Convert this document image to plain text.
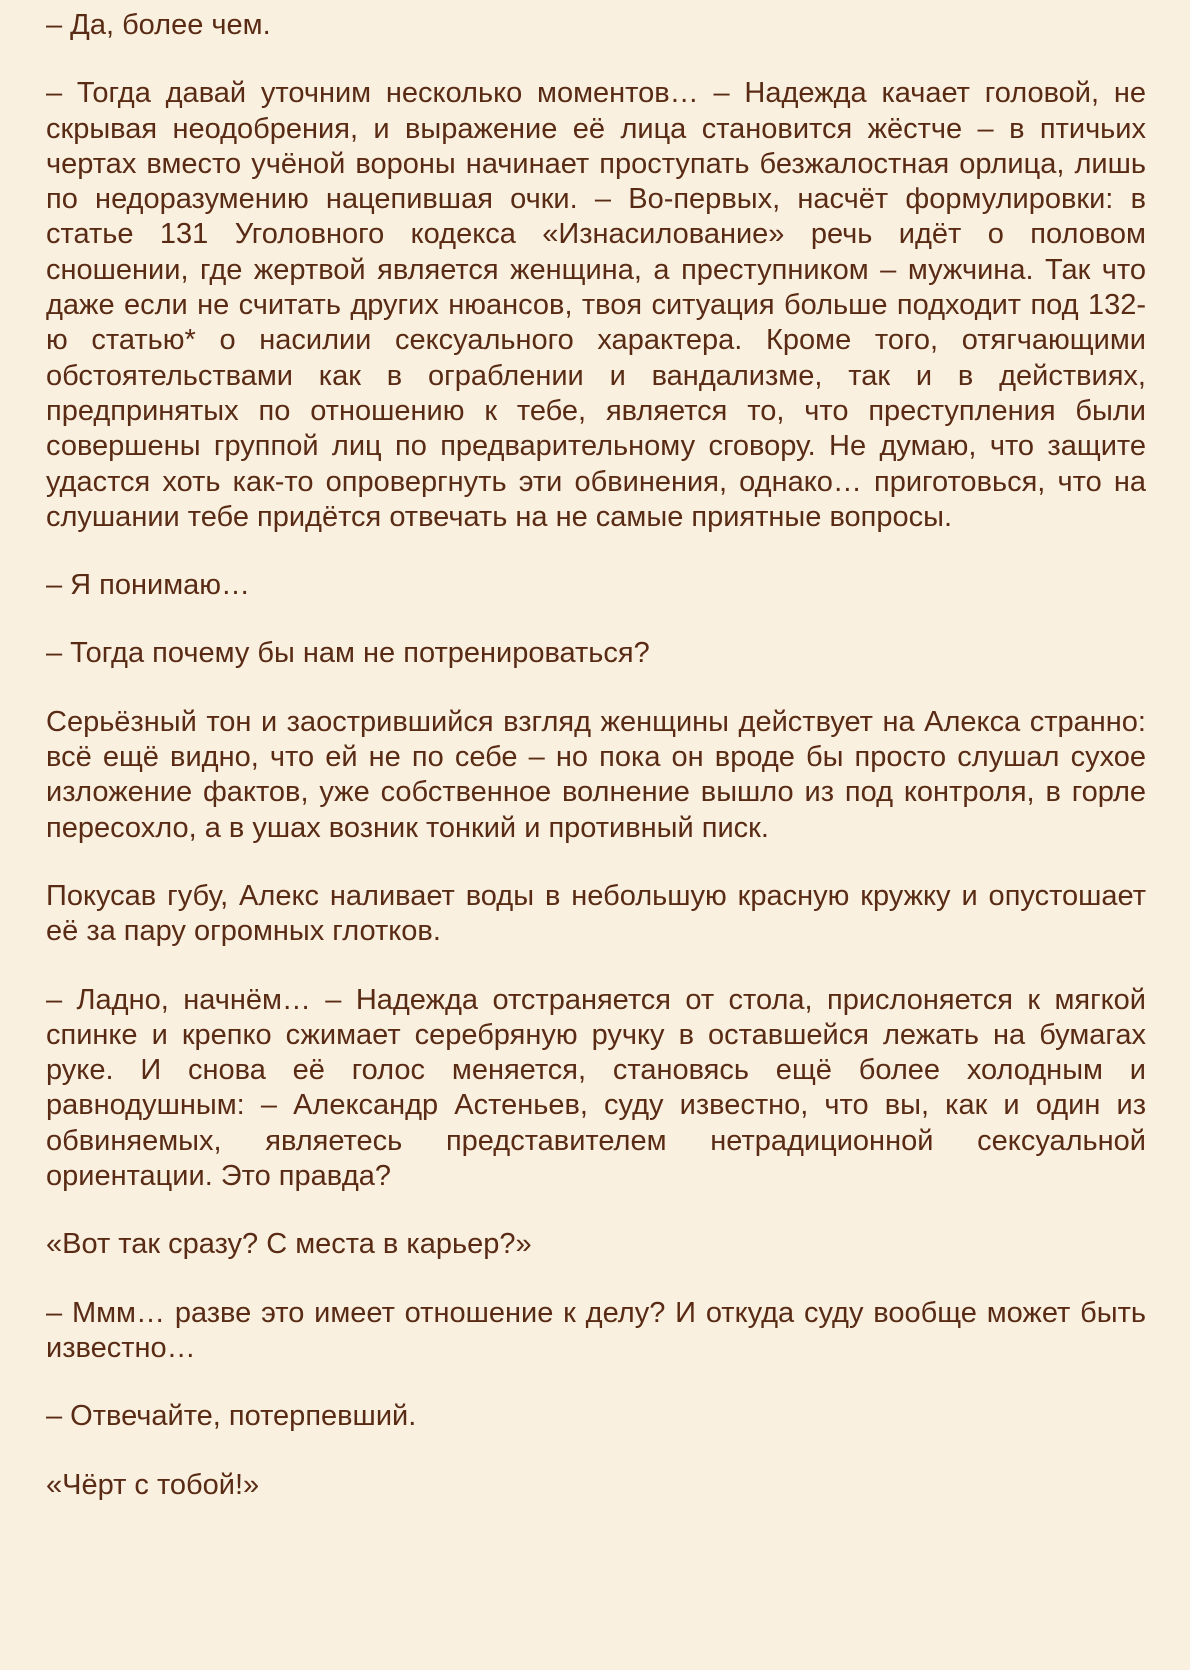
– Да, более чем.

– Тогда давай уточним несколько моментов… – Надежда качает головой, не скрывая неодобрения, и выражение её лица становится жёстче – в птичьих чертах вместо учёной вороны начинает проступать безжалостная орлица, лишь по недоразумению нацепившая очки. – Во-первых, насчёт формулировки: в статье 131 Уголовного кодекса «Изнасилование» речь идёт о половом сношении, где жертвой является женщина, а преступником – мужчина. Так что даже если не считать других нюансов, твоя ситуация больше подходит под 132-ю статью* о насилии сексуального характера. Кроме того, отягчающими обстоятельствами как в ограблении и вандализме, так и в действиях, предпринятых по отношению к тебе, является то, что преступления были совершены группой лиц по предварительному сговору. Не думаю, что защите удастся хоть как-то опровергнуть эти обвинения, однако… приготовься, что на слушании тебе придётся отвечать на не самые приятные вопросы.

– Я понимаю…

– Тогда почему бы нам не потренироваться?

Серьёзный тон и заострившийся взгляд женщины действует на Алекса странно: всё ещё видно, что ей не по себе – но пока он вроде бы просто слушал сухое изложение фактов, уже собственное волнение вышло из под контроля, в горле пересохло, а в ушах возник тонкий и противный писк.

Покусав губу, Алекс наливает воды в небольшую красную кружку и опустошает её за пару огромных глотков.

– Ладно, начнём… – Надежда отстраняется от стола, прислоняется к мягкой спинке и крепко сжимает серебряную ручку в оставшейся лежать на бумагах руке. И снова её голос меняется, становясь ещё более холодным и равнодушным: – Александр Астеньев, суду известно, что вы, как и один из обвиняемых, являетесь представителем нетрадиционной сексуальной ориентации. Это правда?

«Вот так сразу? С места в карьер?»

– Ммм… разве это имеет отношение к делу? И откуда суду вообще может быть известно…

– Отвечайте, потерпевший.

«Чёрт с тобой!»
